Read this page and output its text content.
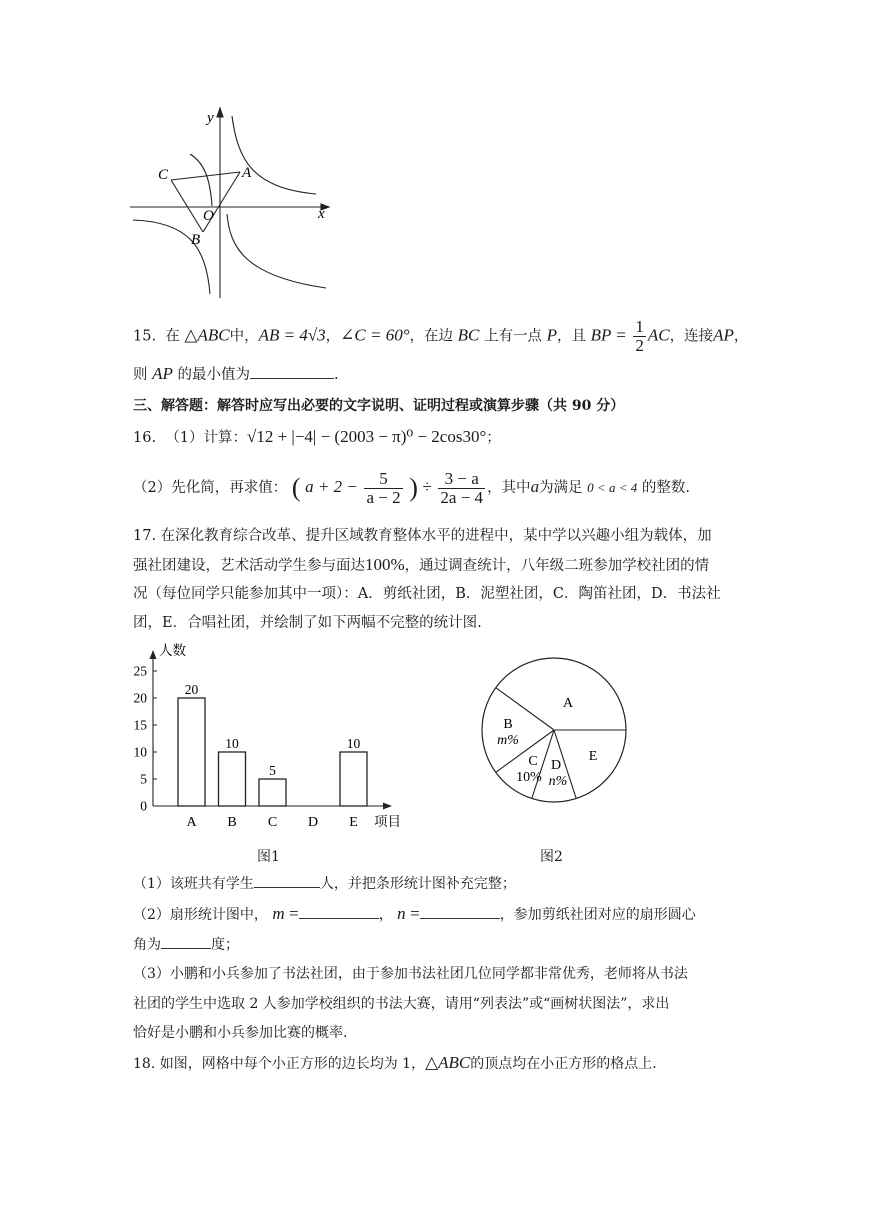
y
x
A
B
C
O
15. 在 △ABC中，AB = 4√3，∠C = 60°，在边 BC 上有一点 P，且 BP = $\frac{1}{2}$ AC，连接AP，
则 AP 的最小值为	.
三、解答题：解答时应写出必要的文字说明、证明过程或演算步骤（共 90 分）
16. （1）计算：√12 + |−4| − (2003 − π)⁰ − 2cos30°；
（2）先化简，再求值： ( $a + 2 - \frac{5}{a - 2}$ ) ÷ $\frac{3 - a}{2a - 4}$ ，其中a为满足 0 < a < 4 的整数.
17. 在深化教育综合改革、提升区域教育整体水平的进程中，某中学以兴趣小组为载体，加
强社团建设，艺术活动学生参与面达100%，通过调查统计，八年级二班参加学校社团的情
况（每位同学只能参加其中一项）：A．剪纸社团，B．泥塑社团，C．陶笛社团，D．书法社
团，E．合唱社团，并绘制了如下两幅不完整的统计图.
人数
项目
0
5
10
15
20
25
A
20
B
10
C
5
D E
10
A
B
m%
C
10%
D
n%
E
图1	图2
（1）该班共有学生	人，并把条形统计图补充完整；
（2）扇形统计图中， m =	， n =	，参加剪纸社团对应的扇形圆心
角为	度；
（3）小鹏和小兵参加了书法社团，由于参加书法社团几位同学都非常优秀，老师将从书法
社团的学生中选取 2 人参加学校组织的书法大赛，请用“列表法”或“画树状图法”，求出
恰好是小鹏和小兵参加比赛的概率.
18. 如图，网格中每个小正方形的边长均为 1，△ABC的顶点均在小正方形的格点上.
